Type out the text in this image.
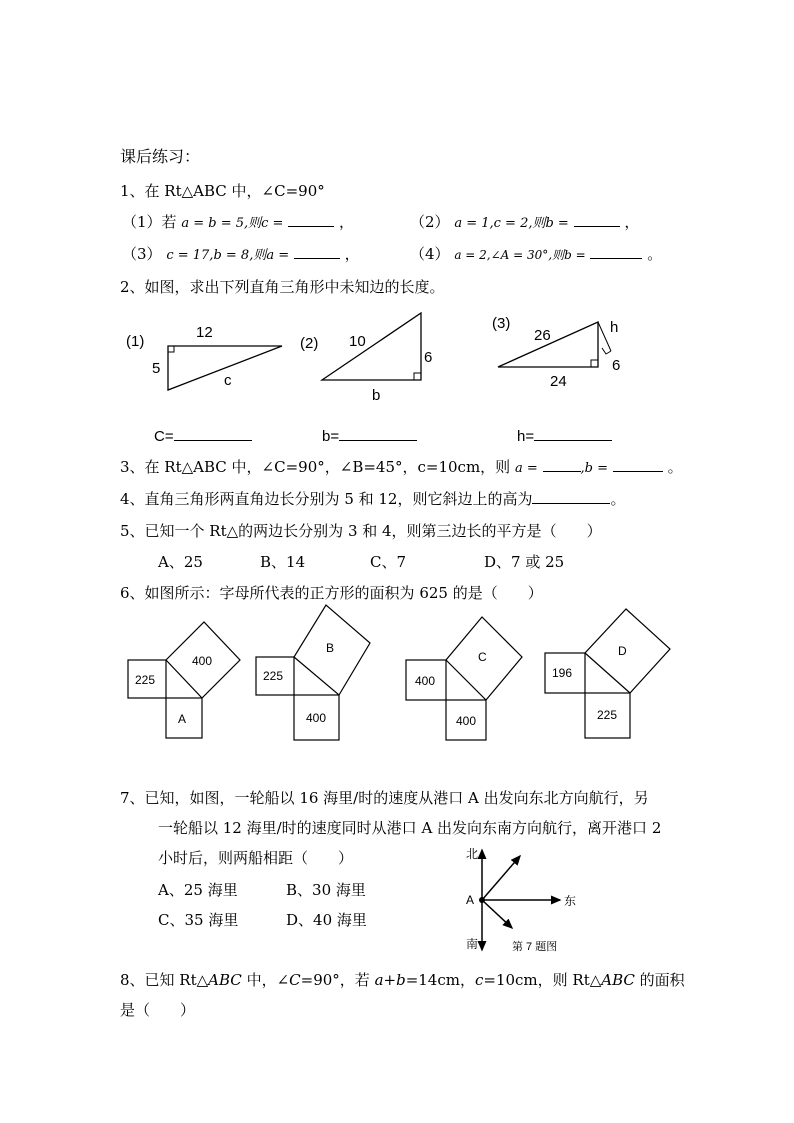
课后练习：
1、在 Rt△ABC 中，∠C=90°
（1）若 a = b = 5,则c =	，	（2） a = 1,c = 2,则b =	，
（3） c = 17,b = 8,则a =	，	（4） a = 2,∠A = 30°,则b =	。
2、如图，求出下列直角三角形中未知边的长度。
(1)
12
5
c
(2) 10
6
b
(3)
26
24
h
6
C=	b=	h=
3、在 Rt△ABC 中，∠C=90°，∠B=45°，c=10cm，则 a =	,b =	。
4、直角三角形两直角边长分别为 5 和 12，则它斜边上的高为	。
5、已知一个 Rt△的两边长分别为 3 和 4，则第三边长的平方是（　　）
A、25	B、14	C、7	D、7 或 25
6、如图所示：字母所代表的正方形的面积为 625 的是（　　）
225
400
A
225
B
400
400
C
400
196
D
225
7、已知，如图，一轮船以 16 海里/时的速度从港口 A 出发向东北方向航行，另
一轮船以 12 海里/时的速度同时从港口 A 出发向东南方向航行，离开港口 2
小时后，则两船相距（　　）
A、25 海里	B、30 海里
C、35 海里	D、40 海里
北
南
东
A
第 7 题图
8、已知 Rt△ABC 中，∠C=90°，若 a+b=14cm，c=10cm，则 Rt△ABC 的面积
是（　　）
